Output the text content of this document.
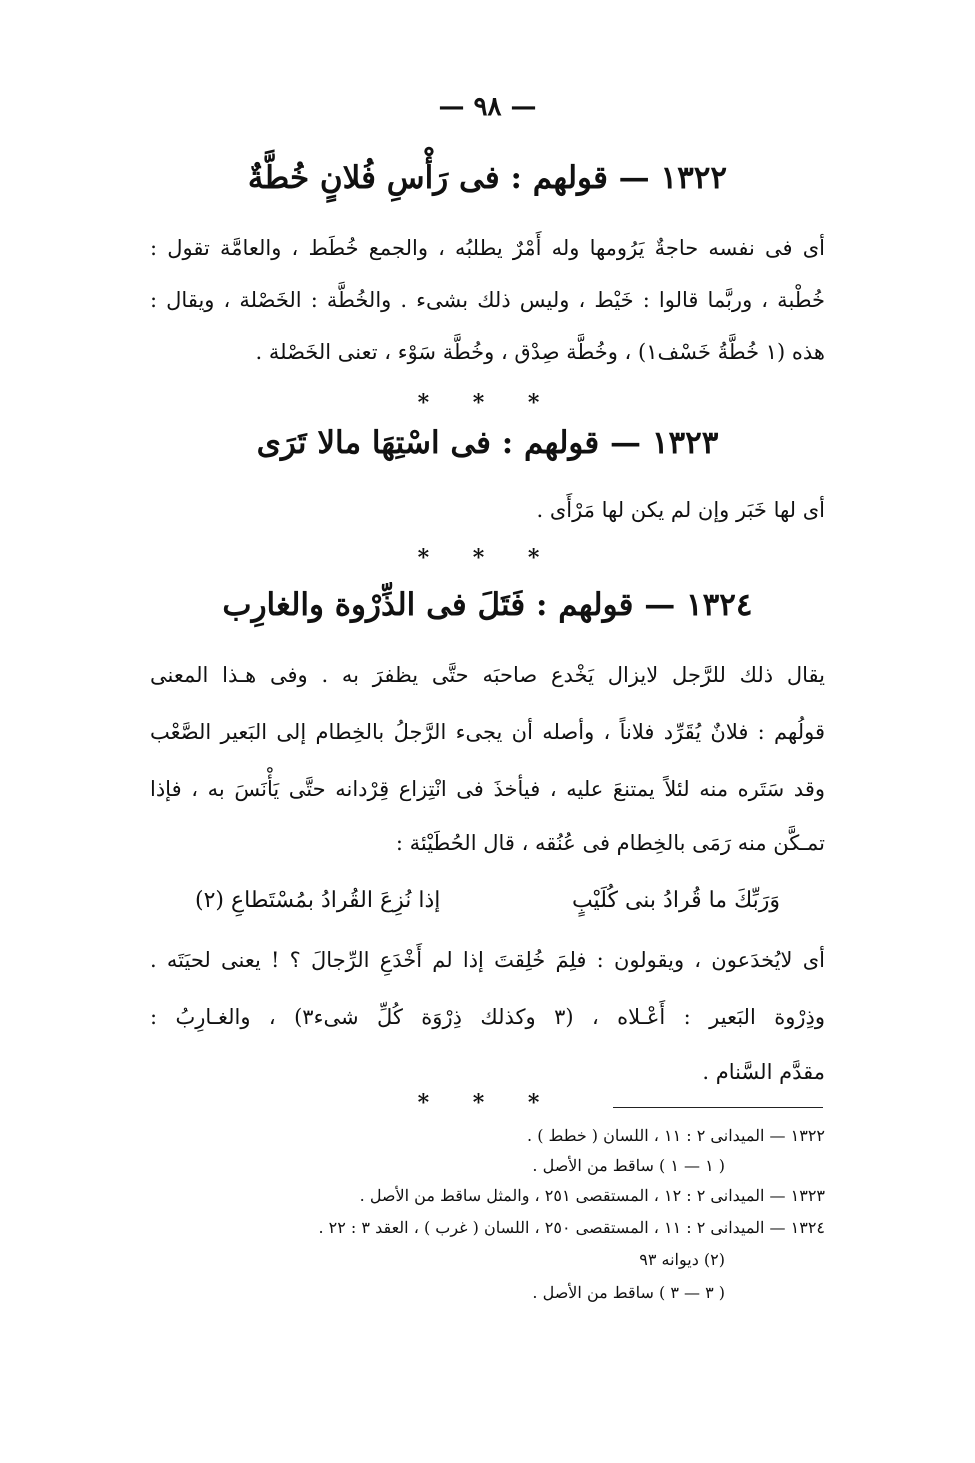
— ٩٨ —
١٣٢٢ — قولهم : فى رَأْسِ فُلانٍ خُطَّةٌ
أى فى نفسه حاجةٌ يَرُومها وله أَمْرٌ يطلبُه ، والجمع خُطَط ، والعامَّة تقول :
خُطْبة ، وربَّما قالوا : خَيْط ، وليس ذلك بشىء . والخُطَّة : الخَصْلة ، ويقال :
هذه (١ خُطَّةُ خَسْف١) ، وخُطَّة صِدْق ، وخُطَّة سَوْء ، تعنى الخَصْلة .
* * *
١٣٢٣ — قولهم : فى اسْتِهَا مالا تَرَى
أى لها خَبَر وإن لم يكن لها مَرْأَى .
* * *
١٣٢٤ — قولهم : فَتَلَ فى الذِّرْوة والغارِب
يقال ذلك للرَّجل لايزال يَخْدع صاحبَه حتَّى يظفرَ به . وفى هـذا المعنى
قولُهم : فلانٌ يُقَرِّد فلاناً ، وأصله أن يجىء الرَّجلُ بالخِطام إلى البَعير الصَّعْب
وقد سَتَره منه لئلاً يمتنعَ عليه ، فيأخذَ فى انْتِزاع قِرْدانه حتَّى يَأْنَسَ به ، فإذا
تمـكَّن منه رَمَى بالخِطام فى عُنُقه ، قال الحُطَيْئة :
وَرَبِّكَ ما قُرادُ بنى كُلَيْبٍ
إذا نُزِعَ القُرادُ بمُسْتَطاعِ (٢)
أى لايُخدَعون ، ويقولون : فلِمَ خُلِقتَ إذا لم أَخْدَعِ الرِّجالَ ؟ ! يعنى لحيَتَه .
وذِرْوة البَعير : أَعْـلاه ، (٣ وكذلك ذِرْوَة كُلِّ شىء٣) ، والغـارِبُ :
مقدَّم السَّنام .
* * *
١٣٢٢ — الميدانى ٢ : ١١ ، اللسان ( خطط ) .
( ١ — ١ ) ساقط من الأصل .
١٣٢٣ — الميدانى ٢ : ١٢ ، المستقصى ٢٥١ ، والمثل ساقط من الأصل .
١٣٢٤ — الميدانى ٢ : ١١ ، المستقصى ٢٥٠ ، اللسان ( غرب ) ، العقد ٣ : ٢٢ .
(٢) ديوانه ٩٣
( ٣ — ٣ ) ساقط من الأصل .
